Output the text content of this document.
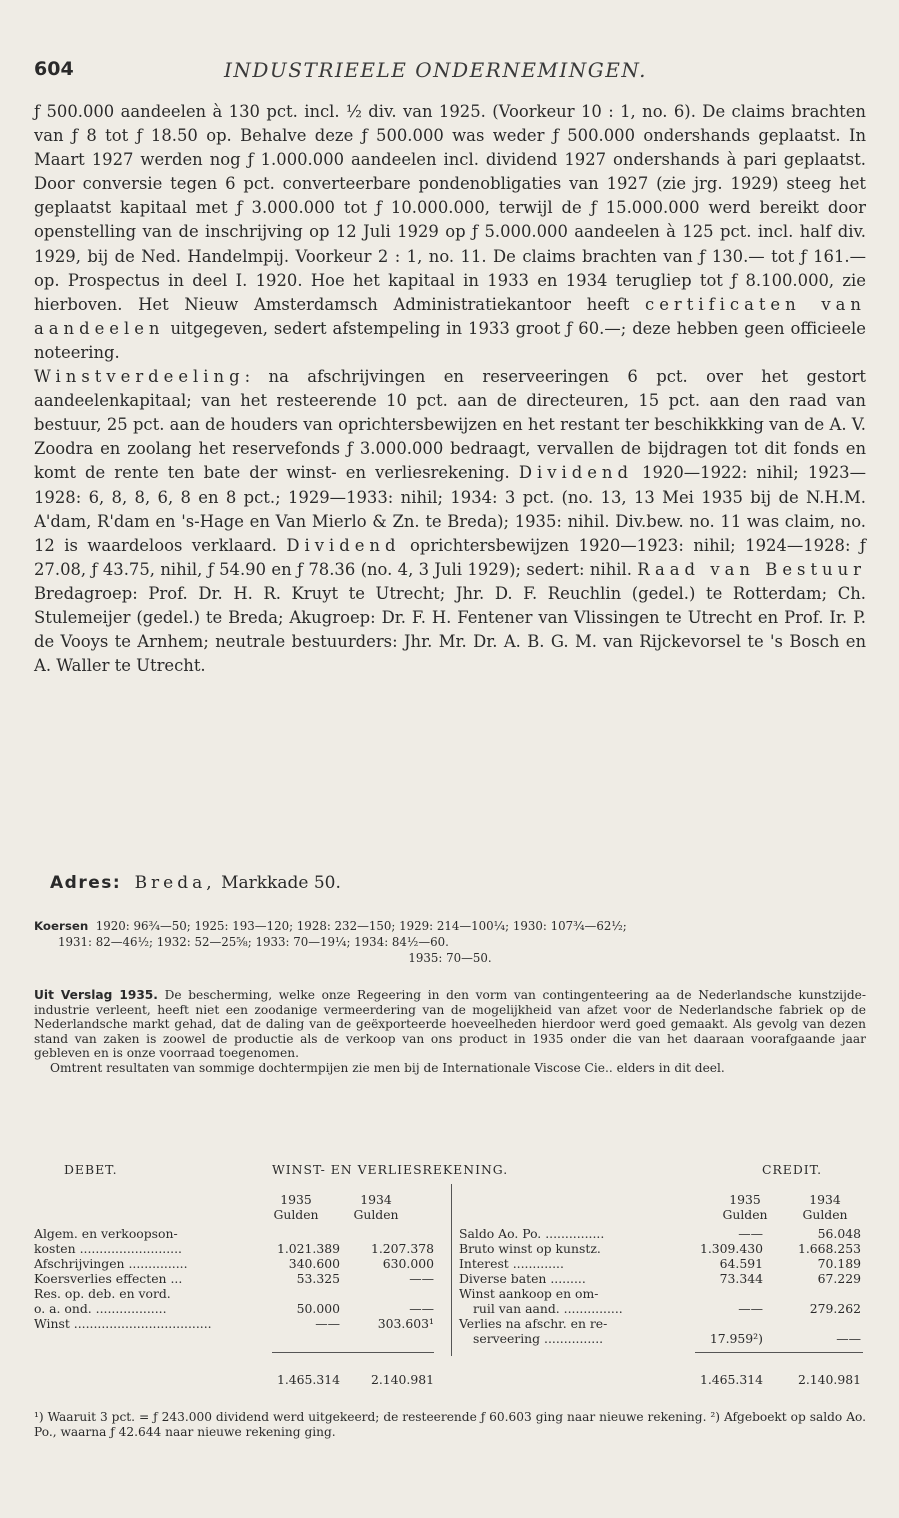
604	INDUSTRIEELE ONDERNEMINGEN.

ƒ 500.000 aandeelen à 130 pct. incl. ½ div. van 1925. (Voorkeur 10 : 1, no. 6). De claims brachten van ƒ 8 tot ƒ 18.50 op. Behalve deze ƒ 500.000 was weder ƒ 500.000 ondershands geplaatst. In Maart 1927 werden nog ƒ 1.000.000 aandeelen incl. dividend 1927 ondershands à pari geplaatst. Door conversie tegen 6 pct. converteerbare pondenobligaties van 1927 (zie jrg. 1929) steeg het geplaatst kapitaal met ƒ 3.000.000 tot ƒ 10.000.000, terwijl de ƒ 15.000.000 werd bereikt door openstelling van de inschrijving op 12 Juli 1929 op ƒ 5.000.000 aandeelen à 125 pct. incl. half div. 1929, bij de Ned. Handelmpij. Voorkeur 2 : 1, no. 11. De claims brachten van ƒ 130.— tot ƒ 161.— op. Prospectus in deel I. 1920. Hoe het kapitaal in 1933 en 1934 terugliep tot ƒ 8.100.000, zie hierboven. Het Nieuw Amsterdamsch Administratiekantoor heeft certificaten van aandeelen uitgegeven, sedert afstempeling in 1933 groot ƒ 60.—; deze hebben geen officieele noteering.

Winstverdeeling: na afschrijvingen en reserveeringen 6 pct. over het gestort aandeelenkapitaal; van het resteerende 10 pct. aan de directeuren, 15 pct. aan den raad van bestuur, 25 pct. aan de houders van oprichtersbewijzen en het restant ter beschikkking van de A. V. Zoodra en zoolang het reservefonds ƒ 3.000.000 bedraagt, vervallen de bijdragen tot dit fonds en komt de rente ten bate der winst- en verliesrekening. Dividend 1920—1922: nihil; 1923—1928: 6, 8, 8, 6, 8 en 8 pct.; 1929—1933: nihil; 1934: 3 pct. (no. 13, 13 Mei 1935 bij de N.H.M. A'dam, R'dam en 's-Hage en Van Mierlo & Zn. te Breda); 1935: nihil. Div.bew. no. 11 was claim, no. 12 is waardeloos verklaard. Dividend oprichtersbewijzen 1920—1923: nihil; 1924—1928: ƒ 27.08, ƒ 43.75, nihil, ƒ 54.90 en ƒ 78.36 (no. 4, 3 Juli 1929); sedert: nihil. Raad van Bestuur Bredagroep: Prof. Dr. H. R. Kruyt te Utrecht; Jhr. D. F. Reuchlin (gedel.) te Rotterdam; Ch. Stulemeijer (gedel.) te Breda; Akugroep: Dr. F. H. Fentener van Vlissingen te Utrecht en Prof. Ir. P. de Vooys te Arnhem; neutrale bestuurders: Jhr. Mr. Dr. A. B. G. M. van Rijckevorsel te 's Bosch en A. Waller te Utrecht.

Adres: Breda, Markkade 50.
Koersen 1920: 96¾—50; 1925: 193—120; 1928: 232—150; 1929: 214—100¼; 1930: 107¾—62½;
1931: 82—46½; 1932: 52—25⅝; 1933: 70—19¼; 1934: 84½—60.
1935: 70—50.

Uit Verslag 1935. De bescherming, welke onze Regeering in den vorm van contingenteering aa de Nederlandsche kunstzijde-industrie verleent, heeft niet een zoodanige vermeerdering van de mogelijkheid van afzet voor de Nederlandsche fabriek op de Nederlandsche markt gehad, dat de daling van de geëxporteerde hoeveelheden hierdoor werd goed gemaakt. Als gevolg van dezen stand van zaken is zoowel de productie als de verkoop van ons product in 1935 onder die van het daaraan voorafgaande jaar gebleven en is onze voorraad toegenomen.

Omtrent resultaten van sommige dochtermpijen zie men bij de Internationale Viscose Cie.. elders in dit deel.

DEBET.	WINST- EN VERLIESREKENING.	CREDIT.
1935	1934
Gulden	Gulden
Algem. en verkoopson-
kosten ..........................	1.021.389	1.207.378
Afschrijvingen ...............	340.600	630.000
Koersverlies effecten ...	53.325	——
Res. op. deb. en vord.
o. a. ond. ..................	50.000	——
Winst ...................................	——	303.603¹
1.465.314	2.140.981
1935	1934
Gulden	Gulden
Saldo Ao. Po. ...............	——	56.048
Bruto winst op kunstz.	1.309.430	1.668.253
Interest .............	64.591	70.189
Diverse baten .........	73.344	67.229
Winst aankoop en om-
ruil van aand. ...............	——	279.262
Verlies na afschr. en re-
serveering ...............	17.959²)	——
1.465.314	2.140.981

¹) Waaruit 3 pct. = ƒ 243.000 dividend werd uitgekeerd; de resteerende ƒ 60.603 ging naar nieuwe rekening. ²) Afgeboekt op saldo Ao. Po., waarna ƒ 42.644 naar nieuwe rekening ging.
